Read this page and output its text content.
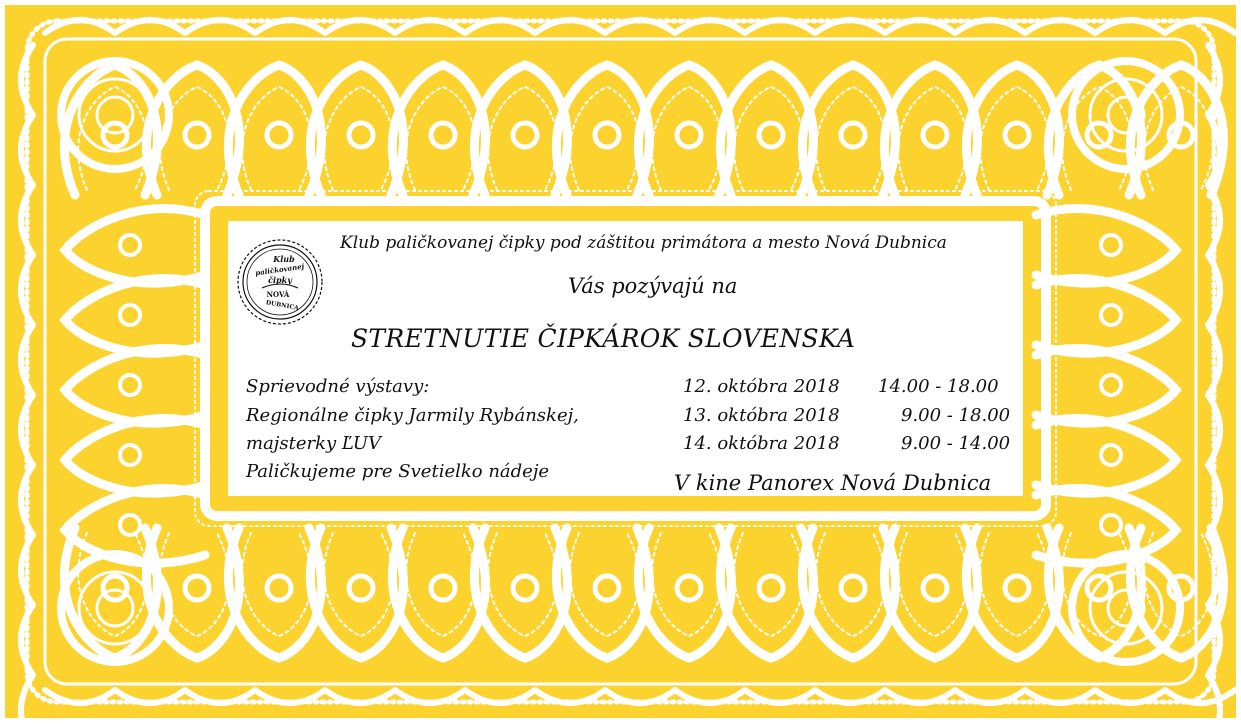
Klub
paličkovanej
čipky
NOVÁ
DUBNICA
Klub paličkovanej čipky pod záštitou primátora a mesto Nová Dubnica
Vás pozývajú na
STRETNUTIE ČIPKÁROK SLOVENSKA
Sprievodné výstavy:
Regionálne čipky Jarmily Rybánskej,
majsterky ĽUV
Paličkujeme pre Svetielko nádeje
12. októbra 2018
13. októbra 2018
14. októbra 2018
14.00 - 18.00
9.00 - 18.00
9.00 - 14.00
V kine Panorex Nová Dubnica
